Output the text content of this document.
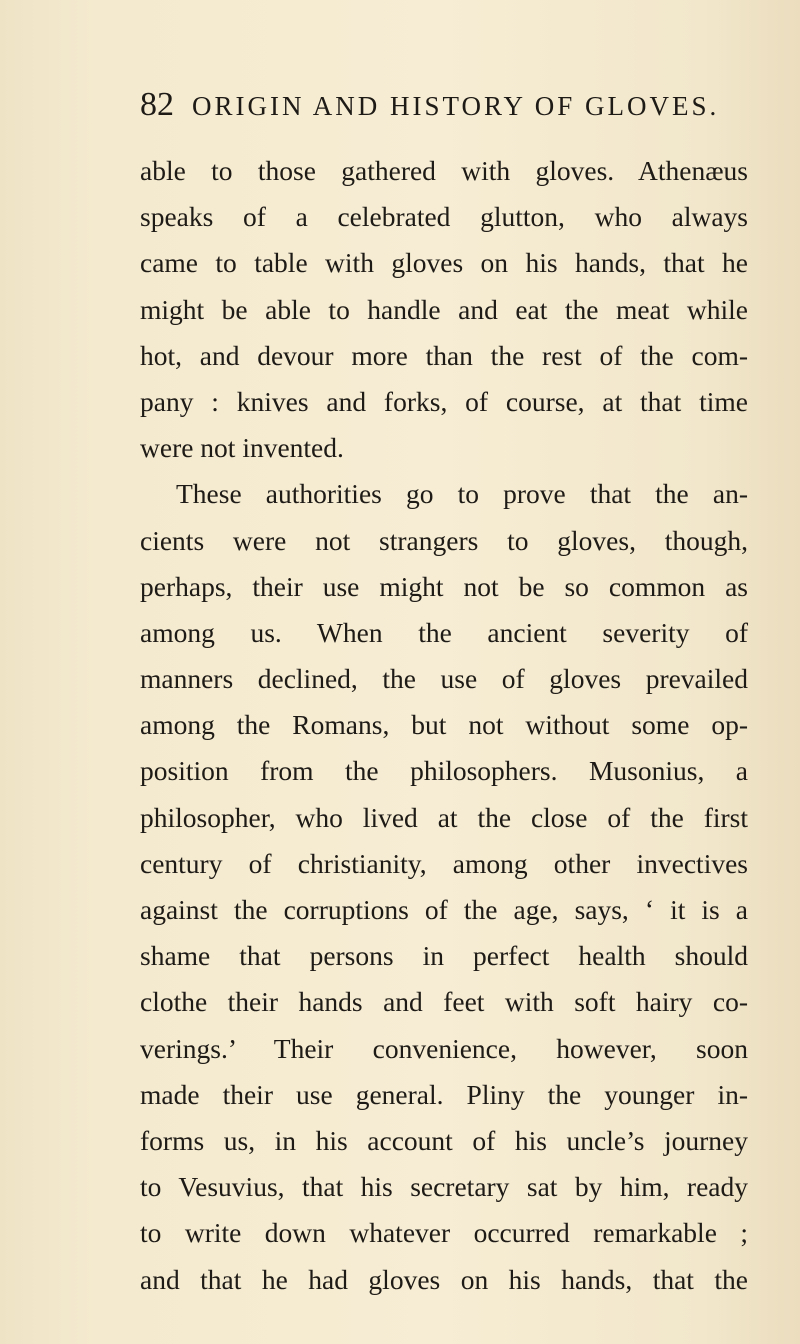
82 ORIGIN AND HISTORY OF GLOVES.
able to those gathered with gloves. Athenæus
speaks of a celebrated glutton, who always
came to table with gloves on his hands, that he
might be able to handle and eat the meat while
hot, and devour more than the rest of the com-
pany : knives and forks, of course, at that time
were not invented.
These authorities go to prove that the an-
cients were not strangers to gloves, though,
perhaps, their use might not be so common as
among us. When the ancient severity of
manners declined, the use of gloves prevailed
among the Romans, but not without some op-
position from the philosophers. Musonius, a
philosopher, who lived at the close of the first
century of christianity, among other invectives
against the corruptions of the age, says, ‘ it is a
shame that persons in perfect health should
clothe their hands and feet with soft hairy co-
verings.’ Their convenience, however, soon
made their use general. Pliny the younger in-
forms us, in his account of his uncle’s journey
to Vesuvius, that his secretary sat by him, ready
to write down whatever occurred remarkable ;
and that he had gloves on his hands, that the
